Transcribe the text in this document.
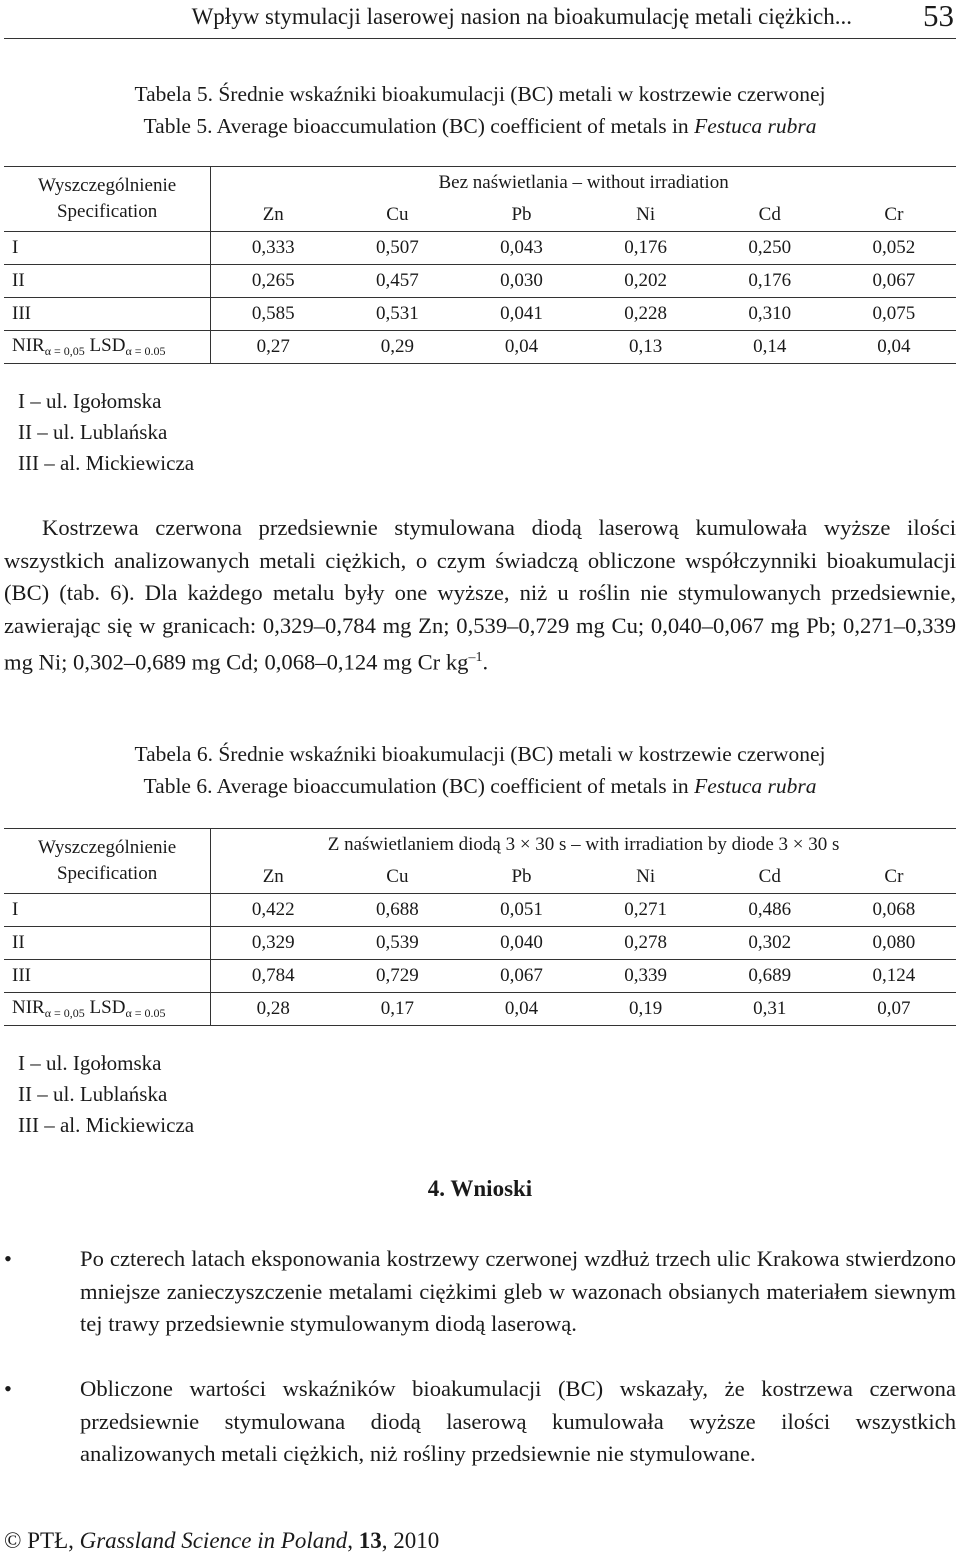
Wpływ stymulacji laserowej nasion na bioakumulację metali ciężkich... 53
Tabela 5. Średnie wskaźniki bioakumulacji (BC) metali w kostrzewie czerwonej
Table 5. Average bioaccumulation (BC) coefficient of metals in Festuca rubra
Wyszczególnienie
Specification	Bez naświetlania – without irradiation					
	Zn	Cu	Pb	Ni	Cd	Cr
I	0,333	0,507	0,043	0,176	0,250	0,052
II	0,265	0,457	0,030	0,202	0,176	0,067
III	0,585	0,531	0,041	0,228	0,310	0,075
$NIR_{\alpha = 0,05}$ $LSD_{\alpha = 0.05}$	0,27	0,29	0,04	0,13	0,14	0,04
I – ul. Igołomska
II – ul. Lublańska
III – al. Mickiewicza
Kostrzewa czerwona przedsiewnie stymulowana diodą laserową kumulowała wyższe ilości wszystkich analizowanych metali ciężkich, o czym świadczą obliczone współczynniki bioakumulacji (BC) (tab. 6). Dla każdego metalu były one wyższe, niż u roślin nie stymulowanych przedsiewnie, zawierając się w granicach: 0,329–0,784 mg Zn; 0,539–0,729 mg Cu; 0,040–0,067 mg Pb; 0,271–0,339 mg Ni; 0,302–0,689 mg Cd; 0,068–0,124 mg Cr $kg^{-1}$.
Tabela 6. Średnie wskaźniki bioakumulacji (BC) metali w kostrzewie czerwonej
Table 6. Average bioaccumulation (BC) coefficient of metals in Festuca rubra
Wyszczególnienie
Specification	Z naświetlaniem diodą 3 × 30 s – with irradiation by diode 3 × 30 s					
	Zn	Cu	Pb	Ni	Cd	Cr
I	0,422	0,688	0,051	0,271	0,486	0,068
II	0,329	0,539	0,040	0,278	0,302	0,080
III	0,784	0,729	0,067	0,339	0,689	0,124
$NIR_{\alpha = 0,05}$ $LSD_{\alpha = 0.05}$	0,28	0,17	0,04	0,19	0,31	0,07
I – ul. Igołomska
II – ul. Lublańska
III – al. Mickiewicza
4. Wnioski
•	Po czterech latach eksponowania kostrzewy czerwonej wzdłuż trzech ulic Krakowa stwierdzono mniejsze zanieczyszczenie metalami ciężkimi gleb w wazonach obsianych materiałem siewnym tej trawy przedsiewnie stymulowanym diodą laserową.
•	Obliczone wartości wskaźników bioakumulacji (BC) wskazały, że kostrzewa czerwona przedsiewnie stymulowana diodą laserową kumulowała wyższe ilości wszystkich analizowanych metali ciężkich, niż rośliny przedsiewnie nie stymulowane.
© PTŁ, Grassland Science in Poland, 13, 2010
